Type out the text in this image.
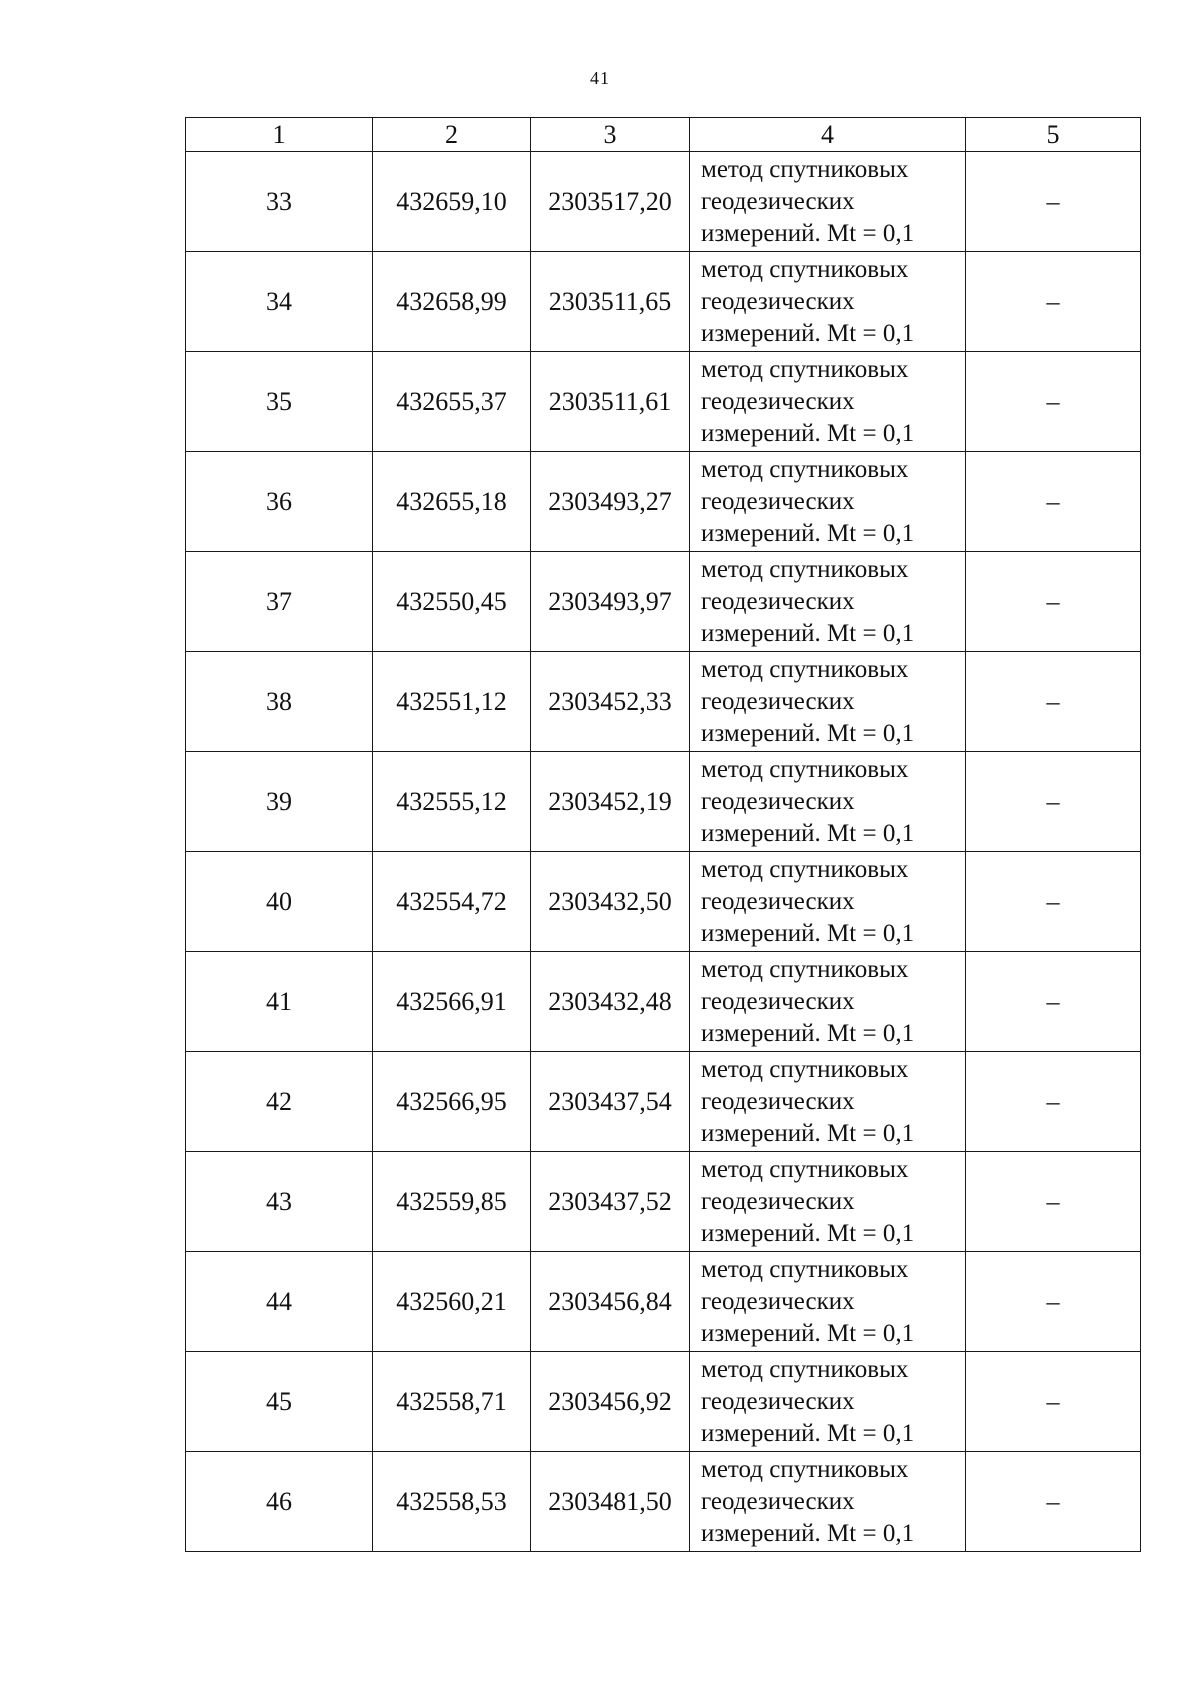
41
1	2	3	4	5
33	432659,10	2303517,20	метод спутниковых
геодезических
измерений. Mt = 0,1	–
34	432658,99	2303511,65	метод спутниковых
геодезических
измерений. Mt = 0,1	–
35	432655,37	2303511,61	метод спутниковых
геодезических
измерений. Mt = 0,1	–
36	432655,18	2303493,27	метод спутниковых
геодезических
измерений. Mt = 0,1	–
37	432550,45	2303493,97	метод спутниковых
геодезических
измерений. Mt = 0,1	–
38	432551,12	2303452,33	метод спутниковых
геодезических
измерений. Mt = 0,1	–
39	432555,12	2303452,19	метод спутниковых
геодезических
измерений. Mt = 0,1	–
40	432554,72	2303432,50	метод спутниковых
геодезических
измерений. Mt = 0,1	–
41	432566,91	2303432,48	метод спутниковых
геодезических
измерений. Mt = 0,1	–
42	432566,95	2303437,54	метод спутниковых
геодезических
измерений. Mt = 0,1	–
43	432559,85	2303437,52	метод спутниковых
геодезических
измерений. Mt = 0,1	–
44	432560,21	2303456,84	метод спутниковых
геодезических
измерений. Mt = 0,1	–
45	432558,71	2303456,92	метод спутниковых
геодезических
измерений. Mt = 0,1	–
46	432558,53	2303481,50	метод спутниковых
геодезических
измерений. Mt = 0,1	–
